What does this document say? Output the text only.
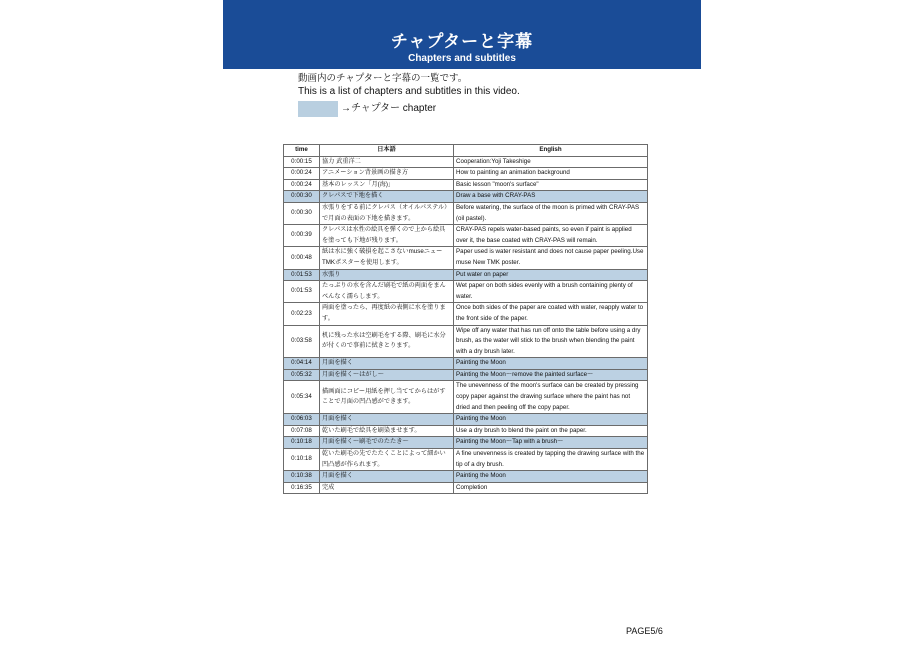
チャプターと字幕
Chapters and subtitles
動画内のチャプターと字幕の一覧です。
This is a list of chapters and subtitles in this video.
→チャプター chapter
time	日本語	English
0:00:15	協力 武重洋二	Cooperation:Yoji Takeshige
0:00:24	アニメーション背景画の描き方	How to painting an animation background
0:00:24	基本のレッスン「月(海)」	Basic lesson "moon's surface"
0:00:30	クレパスで下地を描く	Draw a base with CRAY-PAS
0:00:30	水張りをする前にクレパス（オイルパステル）で月面の表面の下地を描きます。	Before watering, the surface of the moon is primed with CRAY-PAS (oil pastel).
0:00:39	クレパスは水性の絵具を弾くので上から絵具を塗っても下地が残ります。	CRAY-PAS repels water-based paints, so even if paint is applied over it, the base coated with CRAY-PAS will remain.
0:00:48	紙は水に強く破損を起こさないmuseニューTMKポスターを使用します。	Paper used is water resistant and does not cause paper peeling.Use muse New TMK poster.
0:01:53	水張り	Put water on paper
0:01:53	たっぷりの水を含んだ刷毛で紙の両面をまんべんなく濡らします。	Wet paper on both sides evenly with a brush containing plenty of water.
0:02:23	両面を塗ったら、再度紙の表側に水を塗ります。	Once both sides of the paper are coated with water, reapply water to the front side of the paper.
0:03:58	机に残った水は空刷毛をする際、刷毛に水分が付くので事前に拭きとります。	Wipe off any water that has run off onto the table before using a dry brush, as the water will stick to the brush when blending the paint with a dry brush later.
0:04:14	月面を描く	Painting the Moon
0:05:32	月面を描く～はがし～	Painting the Moon～remove the painted surface～
0:05:34	描画面にコピー用紙を押し当ててからはがすことで月面の凹凸感ができます。	The unevenness of the moon's surface can be created by pressing copy paper against the drawing surface where the paint has not dried and then peeling off the copy paper.
0:06:03	月面を描く	Painting the Moon
0:07:08	乾いた刷毛で絵具を刷染ませます。	Use a dry brush to blend the paint on the paper.
0:10:18	月面を描く～刷毛でのたたき～	Painting the Moon～Tap with a brush～
0:10:18	乾いた刷毛の先でたたくことによって細かい凹凸感が作られます。	A fine unevenness is created by tapping the drawing surface with the tip of a dry brush.
0:10:38	月面を描く	Painting the Moon
0:16:35	完成	Completion
PAGE5/6
